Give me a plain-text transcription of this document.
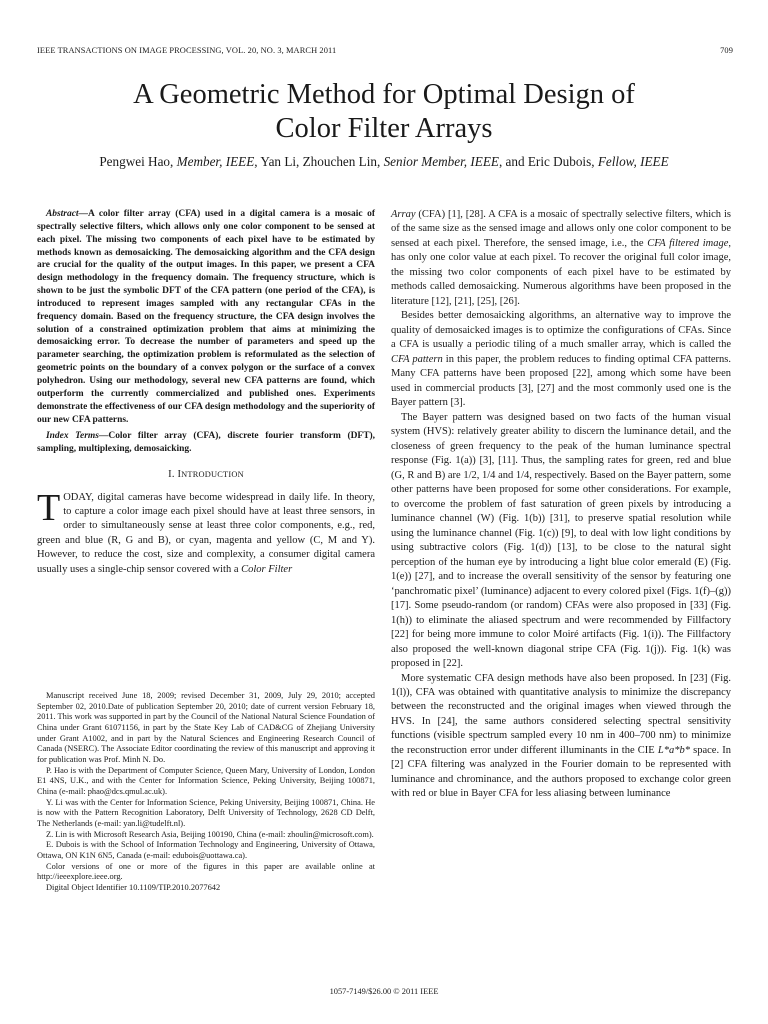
IEEE TRANSACTIONS ON IMAGE PROCESSING, VOL. 20, NO. 3, MARCH 2011	709
A Geometric Method for Optimal Design of
Color Filter Arrays
Pengwei Hao, Member, IEEE, Yan Li, Zhouchen Lin, Senior Member, IEEE, and Eric Dubois, Fellow, IEEE

Abstract—A color filter array (CFA) used in a digital camera is a mosaic of spectrally selective filters, which allows only one color component to be sensed at each pixel. The missing two components of each pixel have to be estimated by methods known as demosaicking. The demosaicking algorithm and the CFA design are crucial for the quality of the output images. In this paper, we present a CFA design methodology in the frequency domain. The frequency structure, which is shown to be just the symbolic DFT of the CFA pattern (one period of the CFA), is introduced to represent images sampled with any rectangular CFAs in the frequency domain. Based on the frequency structure, the CFA design involves the solution of a constrained optimization problem that aims at minimizing the demosaicking error. To decrease the number of parameters and speed up the parameter searching, the optimization problem is reformulated as the selection of geometric points on the boundary of a convex polygon or the surface of a convex polyhedron. Using our methodology, several new CFA patterns are found, which outperform the currently commercialized and published ones. Experiments demonstrate the effectiveness of our CFA design methodology and the superiority of our new CFA patterns.

Index Terms—Color filter array (CFA), discrete fourier transform (DFT), sampling, multiplexing, demosaicking.

I. INTRODUCTION

TODAY, digital cameras have become widespread in daily life. In theory, to capture a color image each pixel should have at least three sensors, in order to simultaneously sense at least three color components, e.g., red, green and blue (R, G and B), or cyan, magenta and yellow (C, M and Y). However, to reduce the cost, size and complexity, a consumer digital camera usually uses a single-chip sensor covered with a Color Filter

Manuscript received June 18, 2009; revised December 31, 2009, July 29, 2010; accepted September 02, 2010.Date of publication September 20, 2010; date of current version February 18, 2011. This work was supported in part by the Council of the National Natural Science Foundation of China under Grant 61071156, in part by the State Key Lab of CAD&CG of Zhejiang University under Grant A1002, and in part by the Natural Sciences and Engineering Research Council of Canada (NSERC). The Associate Editor coordinating the review of this manuscript and approving it for publication was Prof. Minh N. Do.

P. Hao is with the Department of Computer Science, Queen Mary, University of London, London E1 4NS, U.K., and with the Center for Information Science, Peking University, Beijing 100871, China (e-mail: phao@dcs.qmul.ac.uk).

Y. Li was with the Center for Information Science, Peking University, Beijing 100871, China. He is now with the Pattern Recognition Laboratory, Delft University of Technology, 2628 CD Delft, The Netherlands (e-mail: yan.li@tudelft.nl).

Z. Lin is with Microsoft Research Asia, Beijing 100190, China (e-mail: zhoulin@microsoft.com).

E. Dubois is with the School of Information Technology and Engineering, University of Ottawa, Ottawa, ON K1N 6N5, Canada (e-mail: edubois@uottawa.ca).

Color versions of one or more of the figures in this paper are available online at http://ieeexplore.ieee.org.

Digital Object Identifier 10.1109/TIP.2010.2077642

Array (CFA) [1], [28]. A CFA is a mosaic of spectrally selective filters, which is of the same size as the sensed image and allows only one color component to be sensed at each pixel. Therefore, the sensed image, i.e., the CFA filtered image, has only one color value at each pixel. To recover the original full color image, the missing two color components of each pixel have to be estimated by methods called demosaicking. Numerous algorithms have been proposed in the literature [12], [21], [25], [26].

Besides better demosaicking algorithms, an alternative way to improve the quality of demosaicked images is to optimize the configurations of CFAs. Since a CFA is usually a periodic tiling of a much smaller array, which is called the CFA pattern in this paper, the problem reduces to finding optimal CFA patterns. Many CFA patterns have been proposed [22], among which some have been used in commercial products [3], [27] and the most commonly used one is the Bayer pattern [3].

The Bayer pattern was designed based on two facts of the human visual system (HVS): relatively greater ability to discern the luminance detail, and the closeness of green frequency to the peak of the human luminance spectral response (Fig. 1(a)) [3], [11]. Thus, the sampling rates for green, red and blue (G, R and B) are 1/2, 1/4 and 1/4, respectively. Based on the Bayer pattern, some other patterns have been proposed for some other considerations. For example, to overcome the problem of fast saturation of green pixels by introducing a luminance channel (W) (Fig. 1(b)) [31], to preserve spatial resolution while using the luminance channel (Fig. 1(c)) [9], to deal with low light conditions by using subtractive colors (Fig. 1(d)) [13], to be close to the natural sight perception of the human eye by introducing a light blue color emerald (E) (Fig. 1(e)) [27], and to increase the overall sensitivity of the sensor by featuring one ‘panchromatic pixel’ (luminance) adjacent to every colored pixel (Figs. 1(f)–(g)) [17]. Some pseudo-random (or random) CFAs were also proposed in [33] (Fig. 1(h)) to eliminate the aliased spectrum and were recommended by Fillfactory [22] for being more immune to color Moiré artifacts (Fig. 1(i)). The Fillfactory also proposed the well-known diagonal stripe CFA (Fig. 1(j)). Fig. 1(k) was proposed in [22].

More systematic CFA design methods have also been proposed. In [23] (Fig. 1(l)), CFA was obtained with quantitative analysis to minimize the discrepancy between the reconstructed and the original images when viewed through the HVS. In [24], the same authors considered selecting spectral sensitivity functions (visible spectrum sampled every 10 nm in 400–700 nm) to minimize the reconstruction error under different illuminants in the CIE L*a*b* space. In [2] CFA filtering was analyzed in the Fourier domain to be represented with luminance and chrominance, and the authors proposed to exchange color green with red or blue in Bayer CFA for less aliasing between luminance

1057-7149/$26.00 © 2011 IEEE
